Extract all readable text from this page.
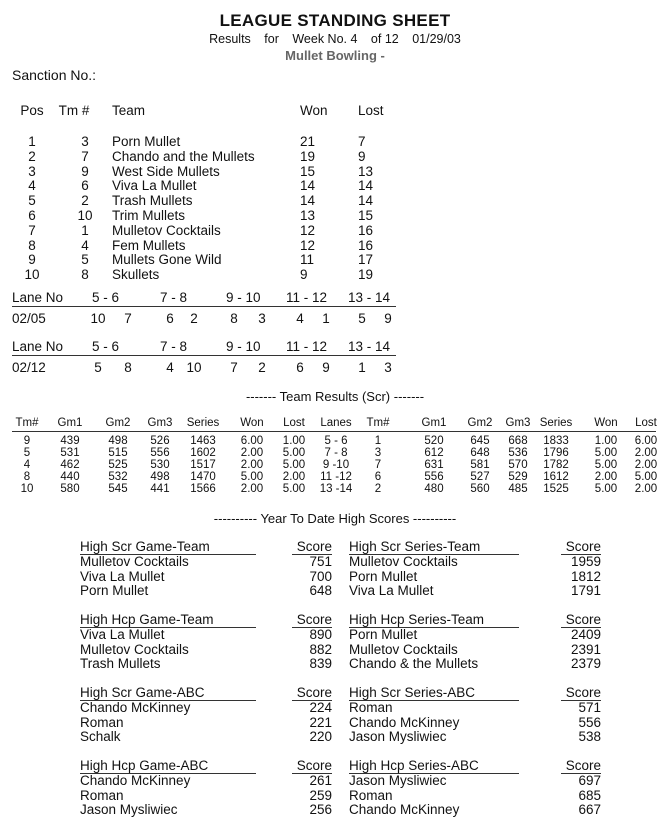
LEAGUE STANDING SHEET
Results for Week No. 4 of 12 01/29/03
Mullet Bowling -
Sanction No.:
Pos	Tm #	Team	Won Lost
1	3	Porn Mullet	21	7
2	7	Chando and the Mullets	19	9
3	9	West Side Mullets	15	13
4	6	Viva La Mullet	14	14
5	2	Trash Mullets	14	14
6	10	Trim Mullets	13	15
7	1	Mulletov Cocktails	12	16
8	4	Fem Mullets	12	16
9	5	Mullets Gone Wild	11	17
10	8	Skullets	9	19
Lane No 5 - 6	7 - 8	9 - 10 11 - 12 13 - 14
02/05	10	7	6	2	8	3	4	1	5	9
Lane No 5 - 6	7 - 8	9 - 10 11 - 12 13 - 14
02/12	5	8	4 10	7	2	6	9	1	3
------- Team Results (Scr) -------
Tm#	Gm1	Gm2	Gm3	Series	Won	Lost	Lanes	Tm#	Gm1	Gm2	Gm3 Series	Won	Lost
9	439	498	526	1463	6.00	1.00	5 - 6	1	520	645	668	1833	1.00	6.00
5	531	515	556	1602	2.00	5.00	7 - 8	3	612	648	536	1796	5.00	2.00
4	462	525	530	1517	2.00	5.00	9 -10	7	631	581	570	1782	5.00	2.00
8	440	532	498	1470	5.00	2.00	11 -12	6	556	527	529	1612	2.00	5.00
10	580	545	441	1566	2.00	5.00	13 -14	2	480	560	485	1525	5.00	2.00
---------- Year To Date High Scores ----------
High Scr Game-Team	Score
Mulletov Cocktails	751
Viva La Mullet	700
Porn Mullet	648
High Scr Series-Team	Score
Mulletov Cocktails	1959
Porn Mullet	1812
Viva La Mullet	1791
High Hcp Game-Team	Score
Viva La Mullet	890
Mulletov Cocktails	882
Trash Mullets	839
High Hcp Series-Team	Score
Porn Mullet	2409
Mulletov Cocktails	2391
Chando & the Mullets	2379
High Scr Game-ABC	Score
Chando McKinney	224
Roman	221
Schalk	220
High Scr Series-ABC	Score
Roman	571
Chando McKinney	556
Jason Mysliwiec	538
High Hcp Game-ABC	Score
Chando McKinney	261
Roman	259
Jason Mysliwiec	256
High Hcp Series-ABC	Score
Jason Mysliwiec	697
Roman	685
Chando McKinney	667
